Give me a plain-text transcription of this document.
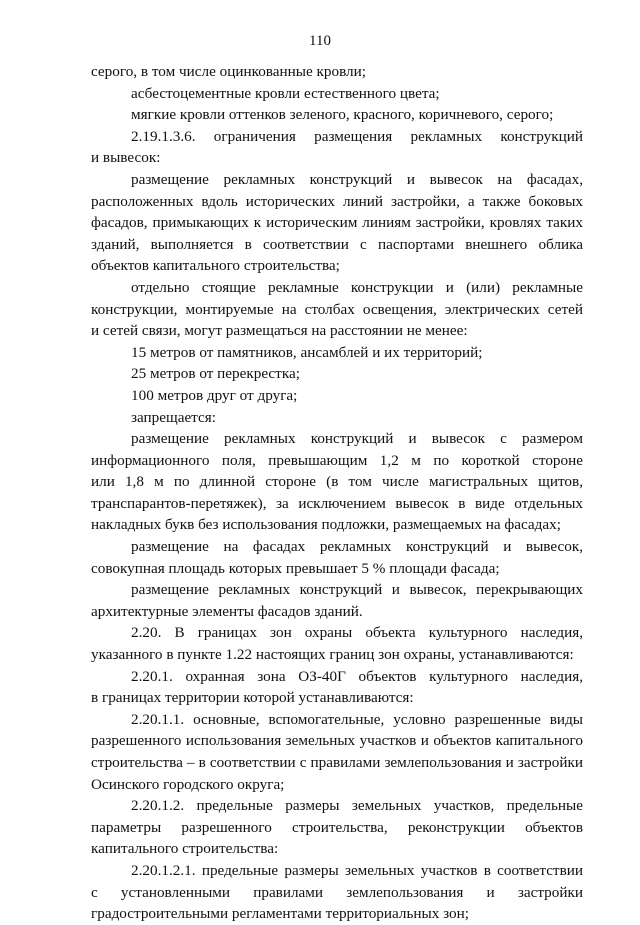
110

серого, в том числе оцинкованные кровли;

асбестоцементные кровли естественного цвета;

мягкие кровли оттенков зеленого, красного, коричневого, серого;

2.19.1.3.6. ограничения размещения рекламных конструкций

и вывесок:

размещение рекламных конструкций и вывесок на фасадах,

расположенных вдоль исторических линий застройки, а также боковых

фасадов, примыкающих к историческим линиям застройки, кровлях таких

зданий, выполняется в соответствии с паспортами внешнего облика

объектов капитального строительства;

отдельно стоящие рекламные конструкции и (или) рекламные

конструкции, монтируемые на столбах освещения, электрических сетей

и сетей связи, могут размещаться на расстоянии не менее:

15 метров от памятников, ансамблей и их территорий;

25 метров от перекрестка;

100 метров друг от друга;

запрещается:

размещение рекламных конструкций и вывесок с размером

информационного поля, превышающим 1,2 м по короткой стороне

или 1,8 м по длинной стороне (в том числе магистральных щитов,

транспарантов-перетяжек), за исключением вывесок в виде отдельных

накладных букв без использования подложки, размещаемых на фасадах;

размещение на фасадах рекламных конструкций и вывесок,

совокупная площадь которых превышает 5 % площади фасада;

размещение рекламных конструкций и вывесок, перекрывающих

архитектурные элементы фасадов зданий.

2.20. В границах зон охраны объекта культурного наследия,

указанного в пункте 1.22 настоящих границ зон охраны, устанавливаются:

2.20.1. охранная зона ОЗ-40Г объектов культурного наследия,

в границах территории которой устанавливаются:

2.20.1.1. основные, вспомогательные, условно разрешенные виды

разрешенного использования земельных участков и объектов капитального

строительства – в соответствии с правилами землепользования и застройки

Осинского городского округа;

2.20.1.2. предельные размеры земельных участков, предельные

параметры разрешенного строительства, реконструкции объектов

капитального строительства:

2.20.1.2.1. предельные размеры земельных участков в соответствии

с установленными правилами землепользования и застройки

градостроительными регламентами территориальных зон;
